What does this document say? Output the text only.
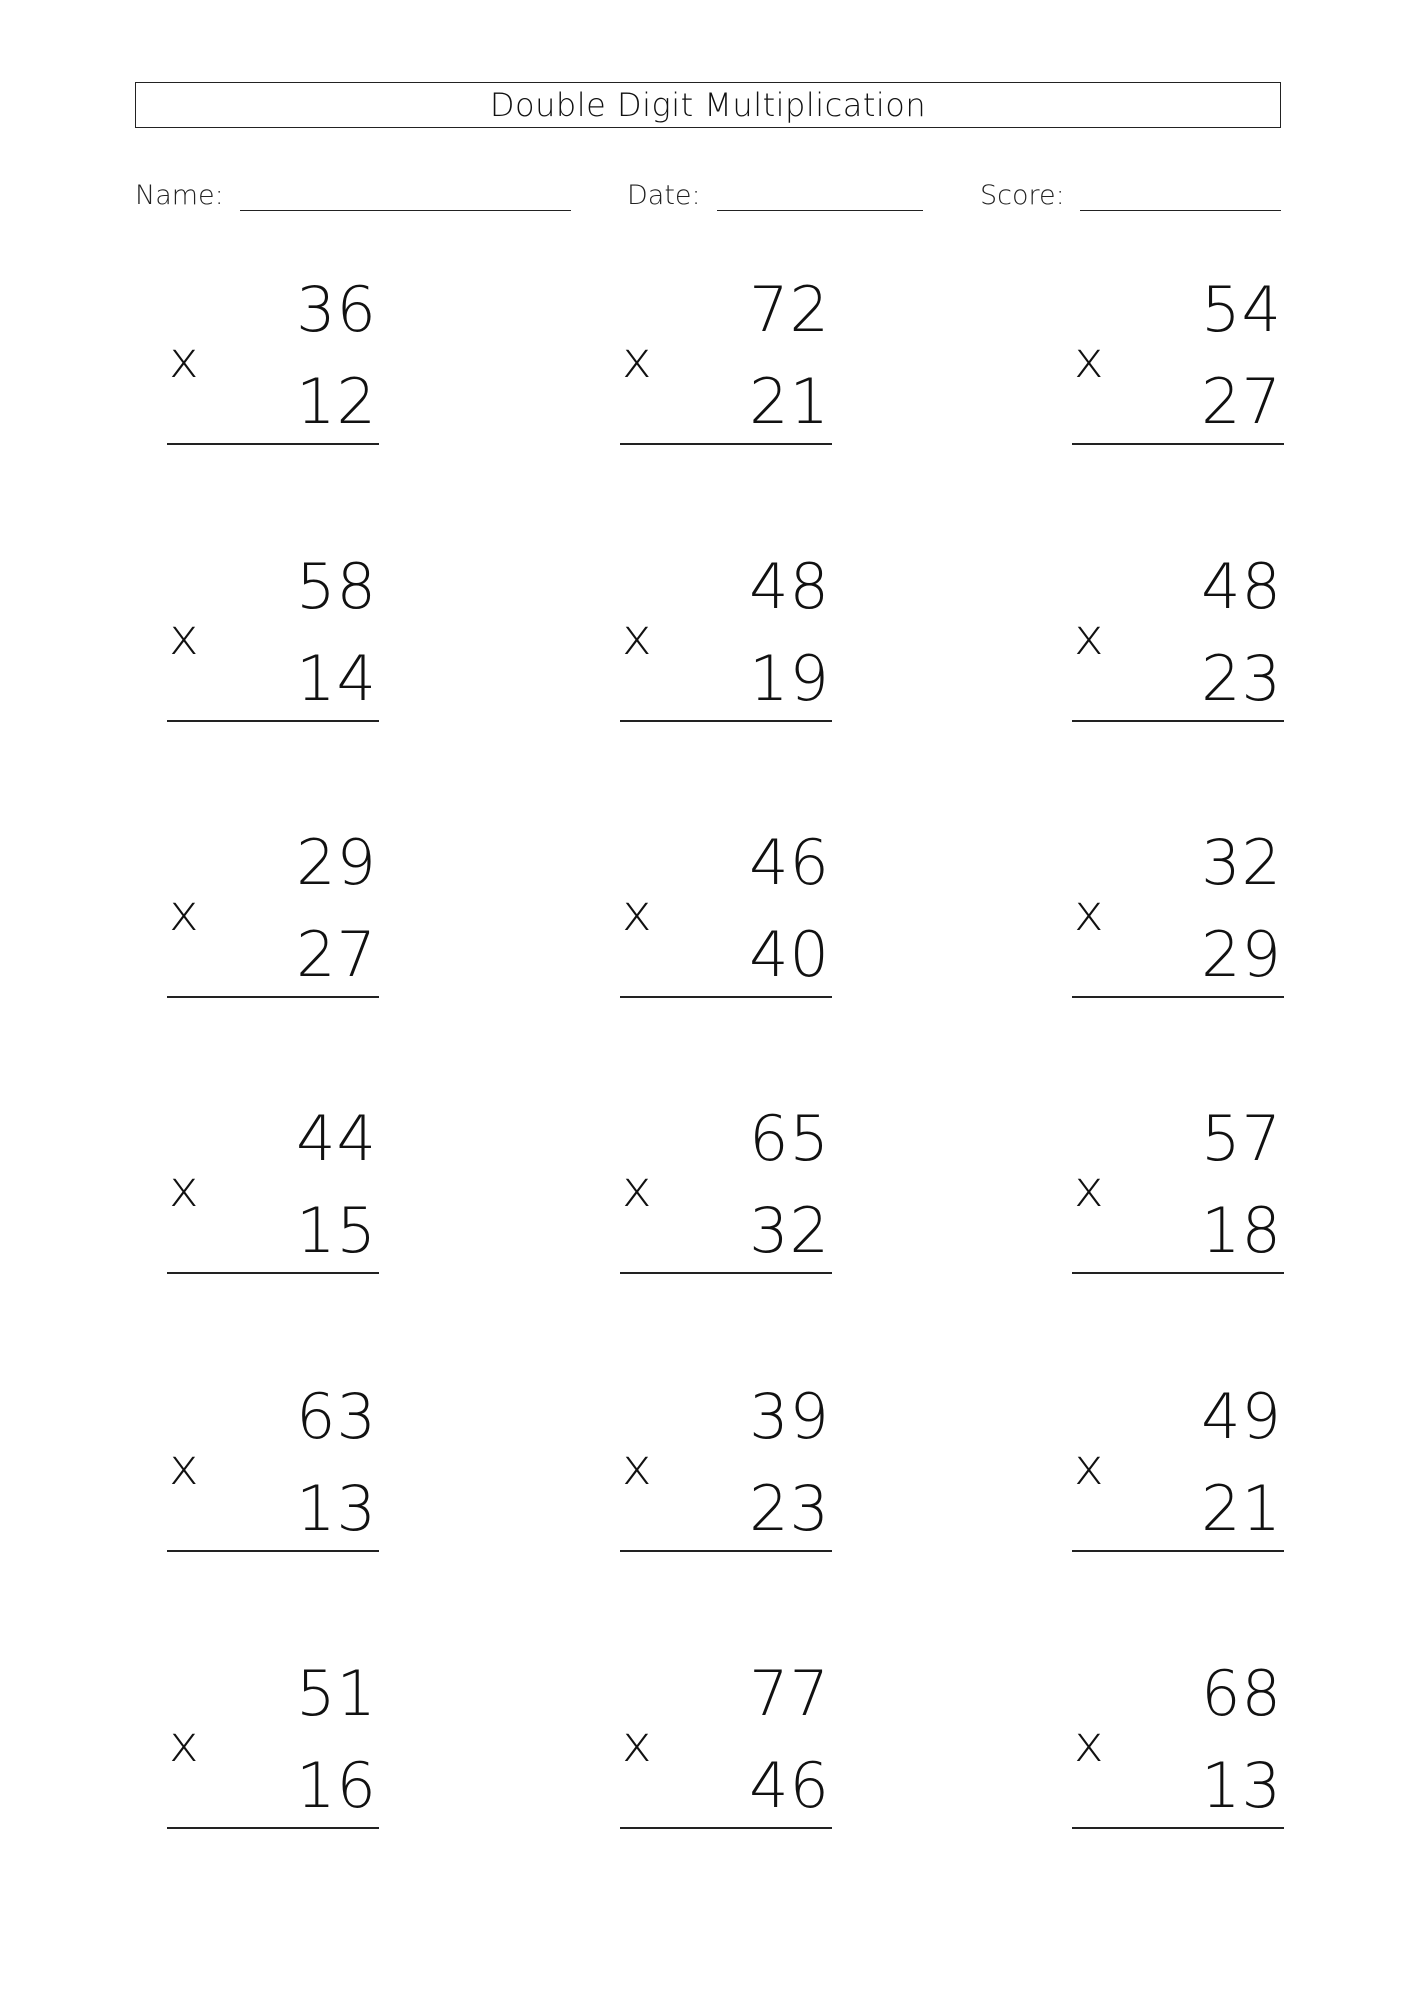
Double Digit Multiplication
Name:	Date:	Score:
36
x
12
72
x
21
54
x
27
58
x
14
48
x
19
48
x
23
29
x
27
46
x
40
32
x
29
44
x
15
65
x
32
57
x
18
63
x
13
39
x
23
49
x
21
51
x
16
77
x
46
68
x
13
